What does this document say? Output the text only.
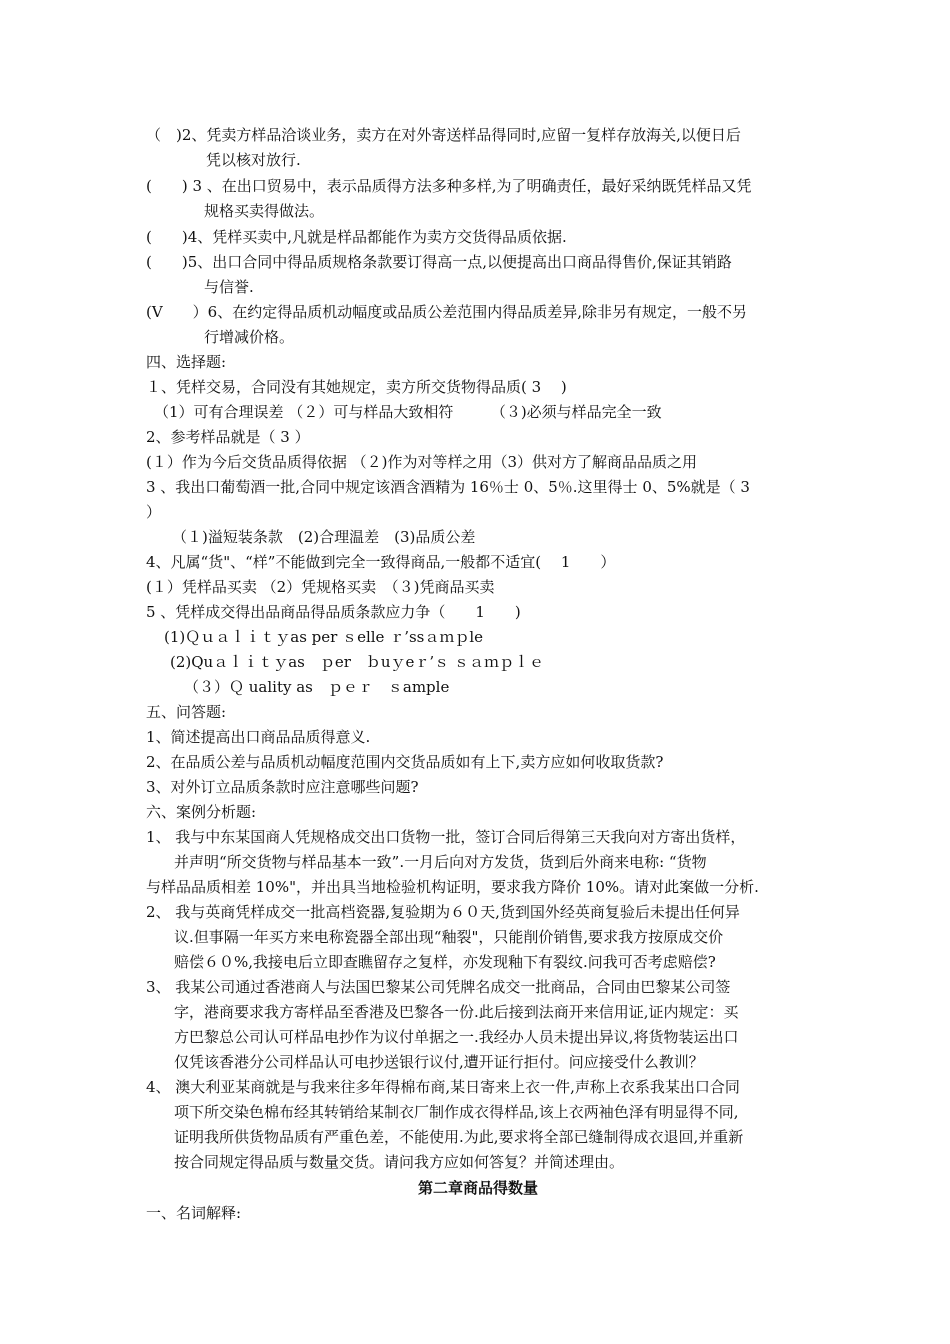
（　)2、凭卖方样品洽谈业务，卖方在对外寄送样品得同时,应留一复样存放海关,以便日后
凭以核对放行.
(　　) 3 、在出口贸易中，表示品质得方法多种多样,为了明确责任，最好采纳既凭样品又凭
规格买卖得做法。
(　　)4、凭样买卖中,凡就是样品都能作为卖方交货得品质依据.
(　　)5、出口合同中得品质规格条款要订得高一点,以便提高出口商品得售价,保证其销路
与信誉.
(V　　）6、在约定得品质机动幅度或品质公差范围内得品质差异,除非另有规定，一般不另
行增减价格。
四、选择题:
１、凭样交易，合同没有其她规定，卖方所交货物得品质( 3　 )
（1）可有合理误差 （２）可与样品大致相符　　　（３)必须与样品完全一致
2、参考样品就是（ 3 ）
(１）作为今后交货品质得依据 （２)作为对等样之用（3）供对方了解商品品质之用
3 、我出口葡萄酒一批,合同中规定该酒含酒精为 16％士 0、5％.这里得士 0、5%就是（ 3
）
（１)溢短装条款　(2)合理温差　(3)品质公差
4、凡属“货"、“样”不能做到完全一致得商品,一般都不适宜(　 1　　）
(１）凭样品买卖 （2）凭规格买卖　（３)凭商品买卖
5 、凭样成交得出品商品得品质条款应力争（　　1　　)
(1)Ｑｕａｌｉｔｙas per ｓelle ｒ’ssａｍｐle
(2)Quａｌｉｔｙas　ｐer　ｂuｙeｒ’ｓ ｓａｍｐｌｅ
（３）Ｑ uality as　ｐｅｒ　ｓample
五、问答题:
1、简述提高出口商品品质得意义.
2、在品质公差与品质机动幅度范围内交货品质如有上下,卖方应如何收取货款?
3、对外订立品质条款时应注意哪些问题?
六、案例分析题:
1、 我与中东某国商人凭规格成交出口货物一批，签订合同后得第三天我向对方寄出货样，
并声明“所交货物与样品基本一致”.一月后向对方发货，货到后外商来电称: “货物
与样品品质相差 10%"，并出具当地检验机构证明，要求我方降价 10%。请对此案做一分析.
2、 我与英商凭样成交一批高档瓷器,复验期为６０天,货到国外经英商复验后未提出任何异
议.但事隔一年买方来电称瓷器全部出现“釉裂"，只能削价销售,要求我方按原成交价
赔偿６０%,我接电后立即查瞧留存之复样，亦发现釉下有裂纹.问我可否考虑赔偿?
3、 我某公司通过香港商人与法国巴黎某公司凭牌名成交一批商品，合同由巴黎某公司签
字，港商要求我方寄样品至香港及巴黎各一份.此后接到法商开来信用证,证内规定：买
方巴黎总公司认可样品电抄作为议付单据之一.我经办人员未提出异议,将货物装运出口
仅凭该香港分公司样品认可电抄送银行议付,遭开证行拒付。问应接受什么教训？
4、 澳大利亚某商就是与我来往多年得棉布商,某日寄来上衣一件,声称上衣系我某出口合同
项下所交染色棉布经其转销给某制衣厂制作成衣得样品,该上衣两袖色泽有明显得不同,
证明我所供货物品质有严重色差，不能使用.为此,要求将全部已缝制得成衣退回,并重新
按合同规定得品质与数量交货。请问我方应如何答复？并简述理由。
第二章商品得数量
一、名词解释:
